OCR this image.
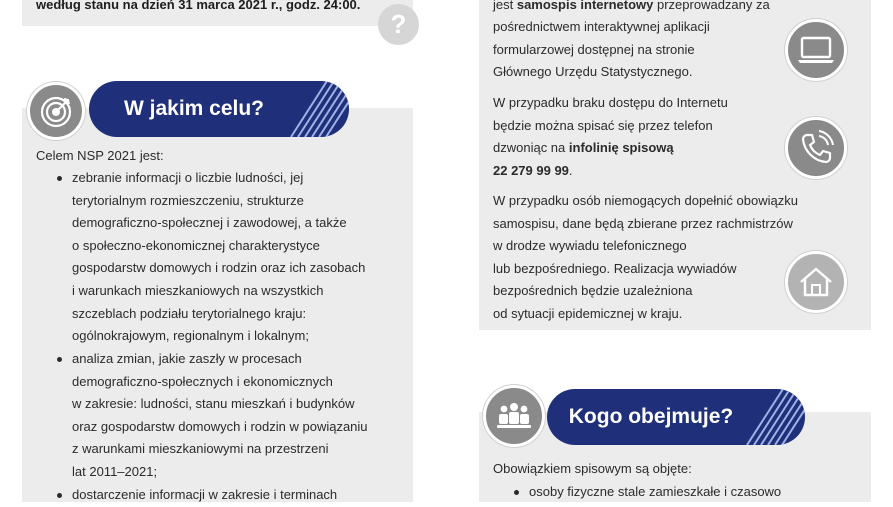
według stanu na dzień 31 marca 2021 r., godz. 24:00.
?
W jakim celu?
Celem NSP 2021 jest:
zebranie informacji o liczbie ludności, jej
terytorialnym rozmieszczeniu, strukturze
demograficzno-społecznej i zawodowej, a także
o społeczno-ekonomicznej charakterystyce
gospodarstw domowych i rodzin oraz ich zasobach
i warunkach mieszkaniowych na wszystkich
szczeblach podziału terytorialnego kraju:
ogólnokrajowym, regionalnym i lokalnym;
analiza zmian, jakie zaszły w procesach
demograficzno-społecznych i ekonomicznych
w zakresie: ludności, stanu mieszkań i budynków
oraz gospodarstw domowych i rodzin w powiązaniu
z warunkami mieszkaniowymi na przestrzeni
lat 2011–2021;
dostarczenie informacji w zakresie i terminach
jest samospis internetowy przeprowadzany za
pośrednictwem interaktywnej aplikacji
formularzowej dostępnej na stronie
Głównego Urzędu Statystycznego.
W przypadku braku dostępu do Internetu
będzie można spisać się przez telefon
dzwoniąc na infolinię spisową
22 279 99 99.
W przypadku osób niemogących dopełnić obowiązku
samospisu, dane będą zbierane przez rachmistrzów
w drodze wywiadu telefonicznego
lub bezpośredniego. Realizacja wywiadów
bezpośrednich będzie uzależniona
od sytuacji epidemicznej w kraju.
Kogo obejmuje?
Obowiązkiem spisowym są objęte:
osoby fizyczne stale zamieszkałe i czasowo
